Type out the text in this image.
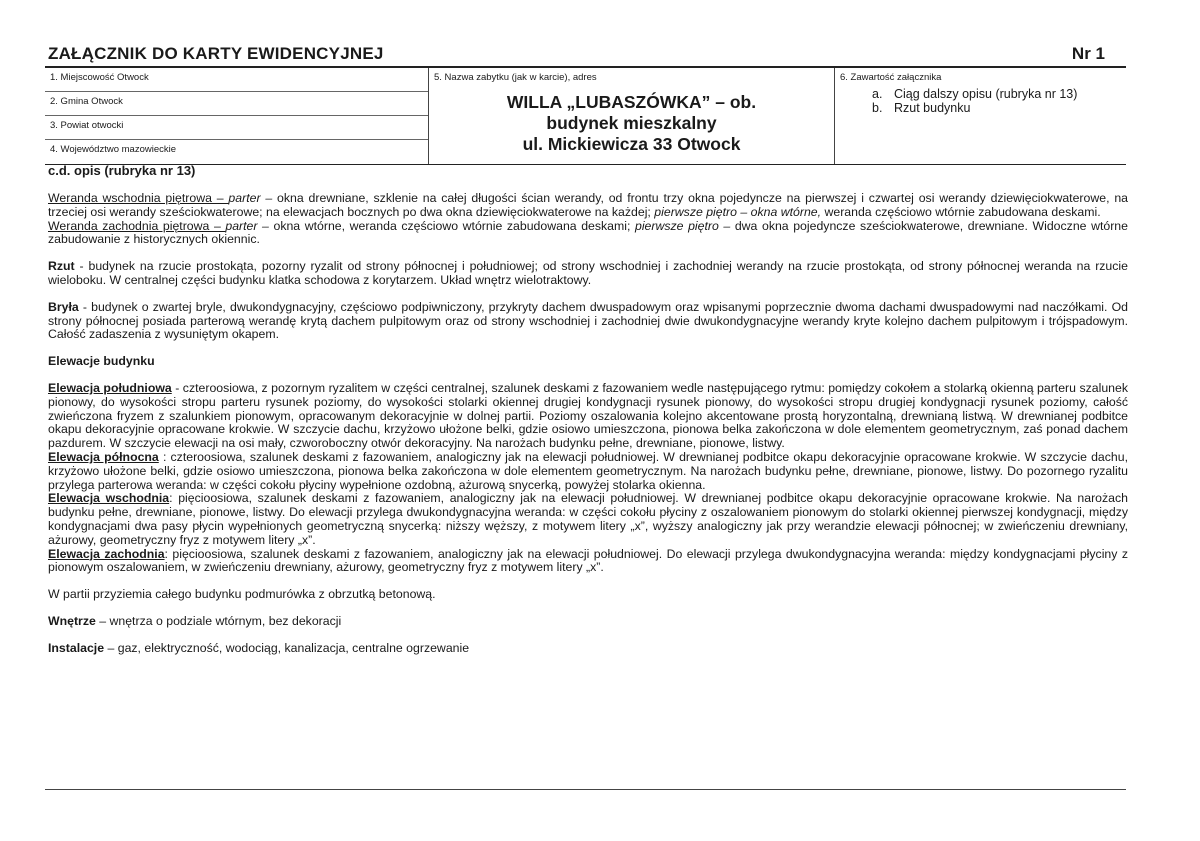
ZAŁĄCZNIK DO KARTY EWIDENCYJNEJ	Nr 1
1. Miejscowość Otwock
2. Gmina Otwock
3. Powiat otwocki
4. Województwo mazowieckie
5. Nazwa zabytku (jak w karcie), adres
WILLA „LUBASZÓWKA” – ob.
budynek mieszkalny
ul. Mickiewicza 33 Otwock
6. Zawartość załącznika
a. Ciąg dalszy opisu (rubryka nr 13)
b. Rzut budynku
c.d. opis (rubryka nr 13)

Weranda wschodnia piętrowa – parter – okna drewniane, szklenie na całej długości ścian werandy, od frontu trzy okna pojedyncze na pierwszej i czwartej osi werandy dziewięciokwaterowe, na trzeciej osi werandy sześciokwaterowe; na elewacjach bocznych po dwa okna dziewięciokwaterowe na każdej; pierwsze piętro – okna wtórne, weranda częściowo wtórnie zabudowana deskami.

Weranda zachodnia piętrowa – parter – okna wtórne, weranda częściowo wtórnie zabudowana deskami; pierwsze piętro – dwa okna pojedyncze sześciokwaterowe, drewniane. Widoczne wtórne zabudowanie z historycznych okiennic.

Rzut - budynek na rzucie prostokąta, pozorny ryzalit od strony północnej i południowej; od strony wschodniej i zachodniej werandy na rzucie prostokąta, od strony północnej weranda na rzucie wieloboku. W centralnej części budynku klatka schodowa z korytarzem. Układ wnętrz wielotraktowy.

Bryła - budynek o zwartej bryle, dwukondygnacyjny, częściowo podpiwniczony, przykryty dachem dwuspadowym oraz wpisanymi poprzecznie dwoma dachami dwuspadowymi nad naczółkami. Od strony północnej posiada parterową werandę krytą dachem pulpitowym oraz od strony wschodniej i zachodniej dwie dwukondygnacyjne werandy kryte kolejno dachem pulpitowym i trójspadowym. Całość zadaszenia z wysuniętym okapem.

Elewacje budynku

Elewacja południowa - czteroosiowa, z pozornym ryzalitem w części centralnej, szalunek deskami z fazowaniem wedle następującego rytmu: pomiędzy cokołem a stolarką okienną parteru szalunek pionowy, do wysokości stropu parteru rysunek poziomy, do wysokości stolarki okiennej drugiej kondygnacji rysunek pionowy, do wysokości stropu drugiej kondygnacji rysunek poziomy, całość zwieńczona fryzem z szalunkiem pionowym, opracowanym dekoracyjnie w dolnej partii. Poziomy oszalowania kolejno akcentowane prostą horyzontalną, drewnianą listwą. W drewnianej podbitce okapu dekoracyjnie opracowane krokwie. W szczycie dachu, krzyżowo ułożone belki, gdzie osiowo umieszczona, pionowa belka zakończona w dole elementem geometrycznym, zaś ponad dachem pazdurem. W szczycie elewacji na osi mały, czworoboczny otwór dekoracyjny. Na narożach budynku pełne, drewniane, pionowe, listwy.

Elewacja północna : czteroosiowa, szalunek deskami z fazowaniem, analogiczny jak na elewacji południowej. W drewnianej podbitce okapu dekoracyjnie opracowane krokwie. W szczycie dachu, krzyżowo ułożone belki, gdzie osiowo umieszczona, pionowa belka zakończona w dole elementem geometrycznym. Na narożach budynku pełne, drewniane, pionowe, listwy. Do pozornego ryzalitu przylega parterowa weranda: w części cokołu płyciny wypełnione ozdobną, ażurową snycerką, powyżej stolarka okienna.

Elewacja wschodnia: pięcioosiowa, szalunek deskami z fazowaniem, analogiczny jak na elewacji południowej. W drewnianej podbitce okapu dekoracyjnie opracowane krokwie. Na narożach budynku pełne, drewniane, pionowe, listwy. Do elewacji przylega dwukondygnacyjna weranda: w części cokołu płyciny z oszalowaniem pionowym do stolarki okiennej pierwszej kondygnacji, między kondygnacjami dwa pasy płycin wypełnionych geometryczną snycerką: niższy węższy, z motywem litery „x”, wyższy analogiczny jak przy werandzie elewacji północnej; w zwieńczeniu drewniany, ażurowy, geometryczny fryz z motywem litery „x”.

Elewacja zachodnia: pięcioosiowa, szalunek deskami z fazowaniem, analogiczny jak na elewacji południowej. Do elewacji przylega dwukondygnacyjna weranda: między kondygnacjami płyciny z pionowym oszalowaniem, w zwieńczeniu drewniany, ażurowy, geometryczny fryz z motywem litery „x”.

W partii przyziemia całego budynku podmurówka z obrzutką betonową.

Wnętrze – wnętrza o podziale wtórnym, bez dekoracji

Instalacje – gaz, elektryczność, wodociąg, kanalizacja, centralne ogrzewanie
